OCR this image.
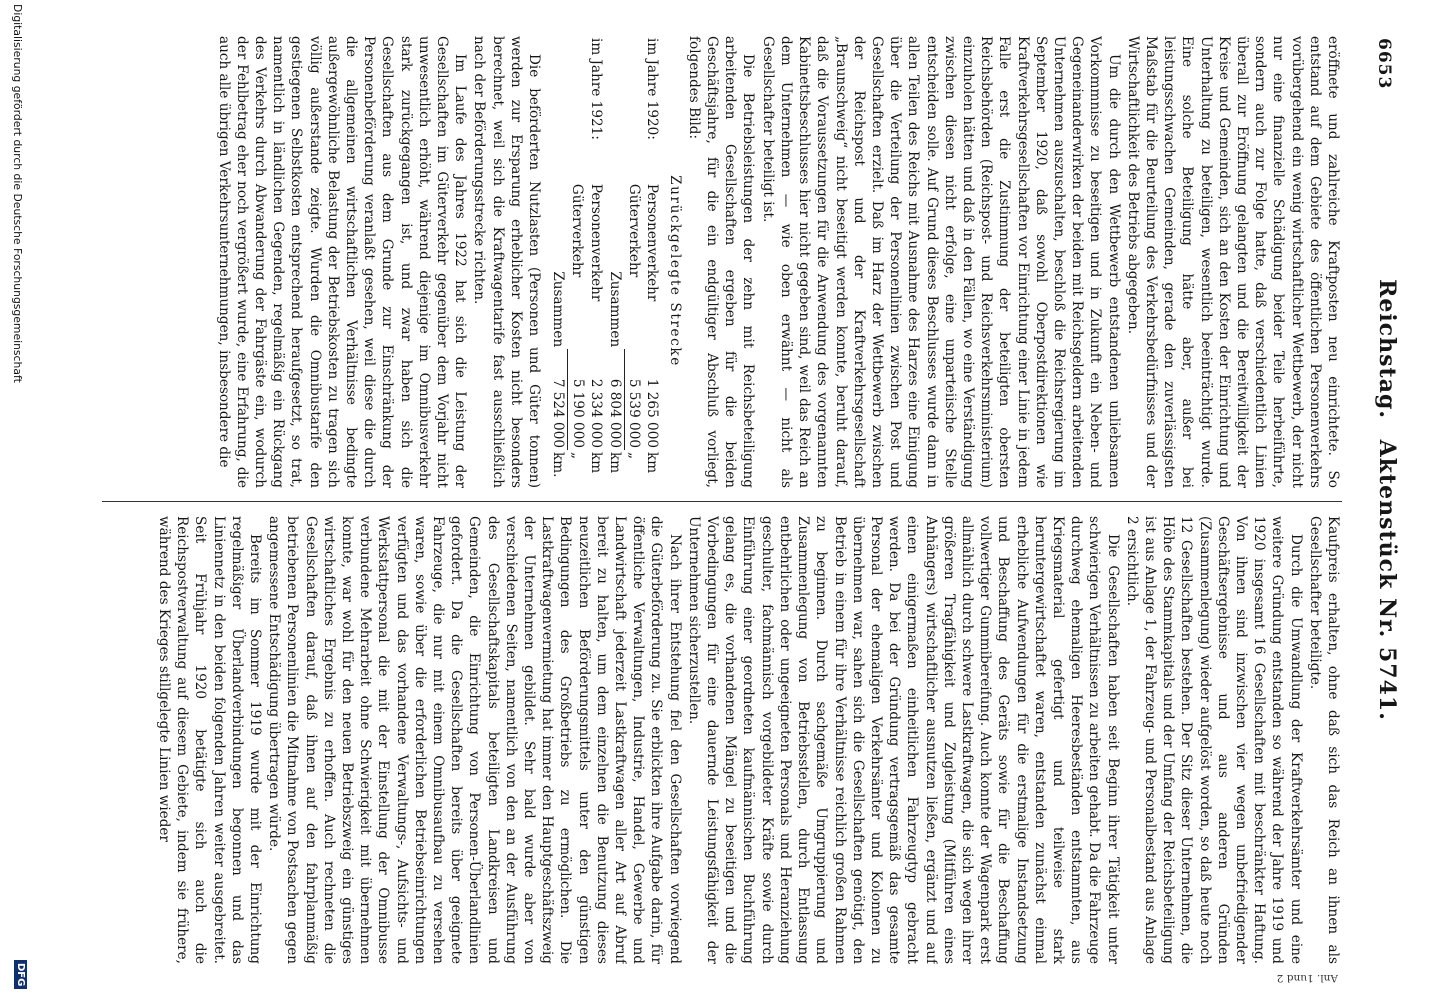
6653
Reichstag. Aktenstück Nr. 5741.

eröffnete und zahlreiche Kraftposten neu einrichtete. So entstand auf dem Gebiete des öffentlichen Personenverkehrs vorübergehend ein wenig wirtschaftlicher Wettbewerb, der nicht nur eine finanzielle Schädigung beider Teile herbeiführte, sondern auch zur Folge hatte, daß verschiedentlich Linien überall zur Eröffnung gelangten und die Bereitwilligkeit der Kreise und Gemeinden, sich an den Kosten der Einrichtung und Unterhaltung zu beteiligen, wesentlich beeinträchtigt wurde. Eine solche Beteiligung hätte aber, außer bei leistungsschwachen Gemeinden, gerade den zuverlässigsten Maßstab für die Beurteilung des Verkehrsbedürfnisses und der Wirtschaftlichkeit des Betriebs abgegeben.

Um die durch den Wettbewerb entstandenen unliebsamen Vorkommnisse zu beseitigen und in Zukunft ein Neben- und Gegeneinanderwirken der beiden mit Reichsgeldern arbeitenden Unternehmen auszuschalten, beschloß die Reichsregierung im September 1920, daß sowohl Oberpostdirektionen wie Kraftverkehrsgesellschaften vor Einrichtung einer Linie in jedem Falle erst die Zustimmung der beteiligten obersten Reichsbehörden (Reichspost- und Reichsverkehrsministerium) einzuholen hätten und daß in den Fällen, wo eine Verständigung zwischen diesen nicht erfolge, eine unparteiische Stelle entscheiden solle. Auf Grund dieses Beschlusses wurde dann in allen Teilen des Reichs mit Ausnahme des Harzes eine Einigung über die Verteilung der Personenlinien zwischen Post und Gesellschaften erzielt. Daß im Harz der Wettbewerb zwischen der Reichspost und der Kraftverkehrsgesellschaft „Braunschweig“ nicht beseitigt werden konnte, beruht darauf, daß die Voraussetzungen für die Anwendung des vorgenannten Kabinettsbeschlusses hier nicht gegeben sind, weil das Reich an dem Unternehmen — wie oben erwähnt — nicht als Gesellschafter beteiligt ist.

Die Betriebsleistungen der zehn mit Reichsbeteiligung arbeitenden Gesellschaften ergeben für die beiden Geschäftsjahre, für die ein endgültiger Abschluß vorliegt, folgendes Bild:

Zurückgelegte Strecke

im Jahre 1920:	Personenverkehr	1 265 000	km
	Güterverkehr	5 539 000	„
	Zusammen	6 804 000	km
im Jahre 1921:	Personenverkehr	2 334 000	km
	Güterverkehr	5 190 000	„
	Zusammen	7 524 000	km.

Die beförderten Nutzlasten (Personen und Güter tonnen) werden zur Ersparung erheblicher Kosten nicht besonders berechnet, weil sich die Kraftwagentarife fast ausschließlich nach der Beförderungsstrecke richten.

Im Laufe des Jahres 1922 hat sich die Leistung der Gesellschaften im Güterverkehr gegenüber dem Vorjahr nicht unwesentlich erhöht, während diejenige im Omnibusverkehr stark zurückgegangen ist, und zwar haben sich die Gesellschaften aus dem Grunde zur Einschränkung der Personenbeförderung veranlaßt gesehen, weil diese die durch die allgemeinen wirtschaftlichen Verhältnisse bedingte außergewöhnliche Belastung der Betriebskosten zu tragen sich völlig außerstande zeigte. Wurden die Omnibustarife den gestiegenen Selbstkosten entsprechend heraufgesetzt, so trat, namentlich in ländlichen Gegenden, regelmäßig ein Rückgang des Verkehrs durch Abwanderung der Fahrgäste ein, wodurch der Fehlbetrag eher noch vergrößert wurde, eine Erfahrung, die auch alle übrigen Verkehrsunternehmungen, insbesondere die

Kaufpreis erhalten, ohne daß sich das Reich an ihnen als Gesellschafter beteiligte.

Durch die Umwandlung der Kraftverkehrsämter und eine weitere Gründung entstanden so während der Jahre 1919 und 1920 insgesamt 16 Gesellschaften mit beschränkter Haftung. Von ihnen sind inzwischen vier wegen unbefriedigender Geschäftsergebnisse und aus anderen Gründen (Zusammenlegung) wieder aufgelöst worden, so daß heute noch 12 Gesellschaften bestehen. Der Sitz dieser Unternehmen, die Höhe des Stammkapitals und der Umfang der Reichsbeteiligung ist aus Anlage 1, der Fahrzeug- und Personalbestand aus Anlage 2 ersichtlich.

Die Gesellschaften haben seit Beginn ihrer Tätigkeit unter schwierigen Verhältnissen zu arbeiten gehabt. Da die Fahrzeuge durchweg ehemaligen Heeresbeständen entstammten, aus Kriegsmaterial gefertigt und teilweise stark heruntergewirtschaftet waren, entstanden zunächst einmal erhebliche Aufwendungen für die erstmalige Instandsetzung und Beschaffung des Geräts sowie für die Beschaffung vollwertiger Gummibereifung. Auch konnte der Wagenpark erst allmählich durch schwere Lastkraftwagen, die sich wegen ihrer größeren Tragfähigkeit und Zugleistung (Mitführen eines Anhängers) wirtschaftlicher ausnutzen ließen, ergänzt und auf einen einigermaßen einheitlichen Fahrzeugtyp gebracht werden. Da bei der Gründung vertragsgemäß das gesamte Personal der ehemaligen Verkehrsämter und Kolonnen zu übernehmen war, sahen sich die Gesellschaften genötigt, den Betrieb in einem für ihre Verhältnisse reichlich großen Rahmen zu beginnen. Durch sachgemäße Umgruppierung und Zusammenlegung von Betriebsstellen, durch Entlassung entbehrlichen oder ungeeigneten Personals und Heranziehung geschulter, fachmännisch vorgebildeter Kräfte sowie durch Einführung einer geordneten kaufmännischen Buchführung gelang es, die vorhandenen Mängel zu beseitigen und die Vorbedingungen für eine dauernde Leistungsfähigkeit der Unternehmen sicherzustellen.

Nach ihrer Entstehung fiel den Gesellschaften vorwiegend die Güterbeförderung zu. Sie erblickten ihre Aufgabe darin, für öffentliche Verwaltungen, Industrie, Handel, Gewerbe und Landwirtschaft jederzeit Lastkraftwagen aller Art auf Abruf bereit zu halten, um dem einzelnen die Benutzung dieses neuzeitlichen Beförderungsmittels unter den günstigen Bedingungen des Großbetriebs zu ermöglichen. Die Lastkraftwagenvermietung hat immer den Hauptgeschäftszweig der Unternehmen gebildet. Sehr bald wurde aber von verschiedenen Seiten, namentlich von den an der Ausführung des Gesellschaftskapitals beteiligten Landkreisen und Gemeinden, die Einrichtung von Personen-Überlandlinien gefordert. Da die Gesellschaften bereits über geeignete Fahrzeuge, die nur mit einem Omnibusaufbau zu versehen waren, sowie über die erforderlichen Betriebseinrichtungen verfügten und das vorhandene Verwaltungs-, Aufsichts- und Werkstattpersonal die mit der Einstellung der Omnibusse verbundene Mehrarbeit ohne Schwierigkeit mit übernehmen konnte, war wohl für den neuen Betriebszweig ein günstiges wirtschaftliches Ergebnis zu erhoffen. Auch rechneten die Gesellschaften darauf, daß ihnen auf den fahrplanmäßig betriebenen Personenlinien die Mitnahme von Postsachen gegen angemessene Entschädigung übertragen würde.

Bereits im Sommer 1919 wurde mit der Einrichtung regelmäßiger Überlandverbindungen begonnen und das Liniennetz in den beiden folgenden Jahren weiter ausgebreitet. Seit Frühjahr 1920 betätigte sich auch die Reichspostverwaltung auf diesem Gebiete, indem sie frühere, während des Krieges stillgelegte Linien wieder

Anl. 1
und 2
Digitalisierung gefördert durch die Deutsche Forschungsgemeinschaft
DFG
